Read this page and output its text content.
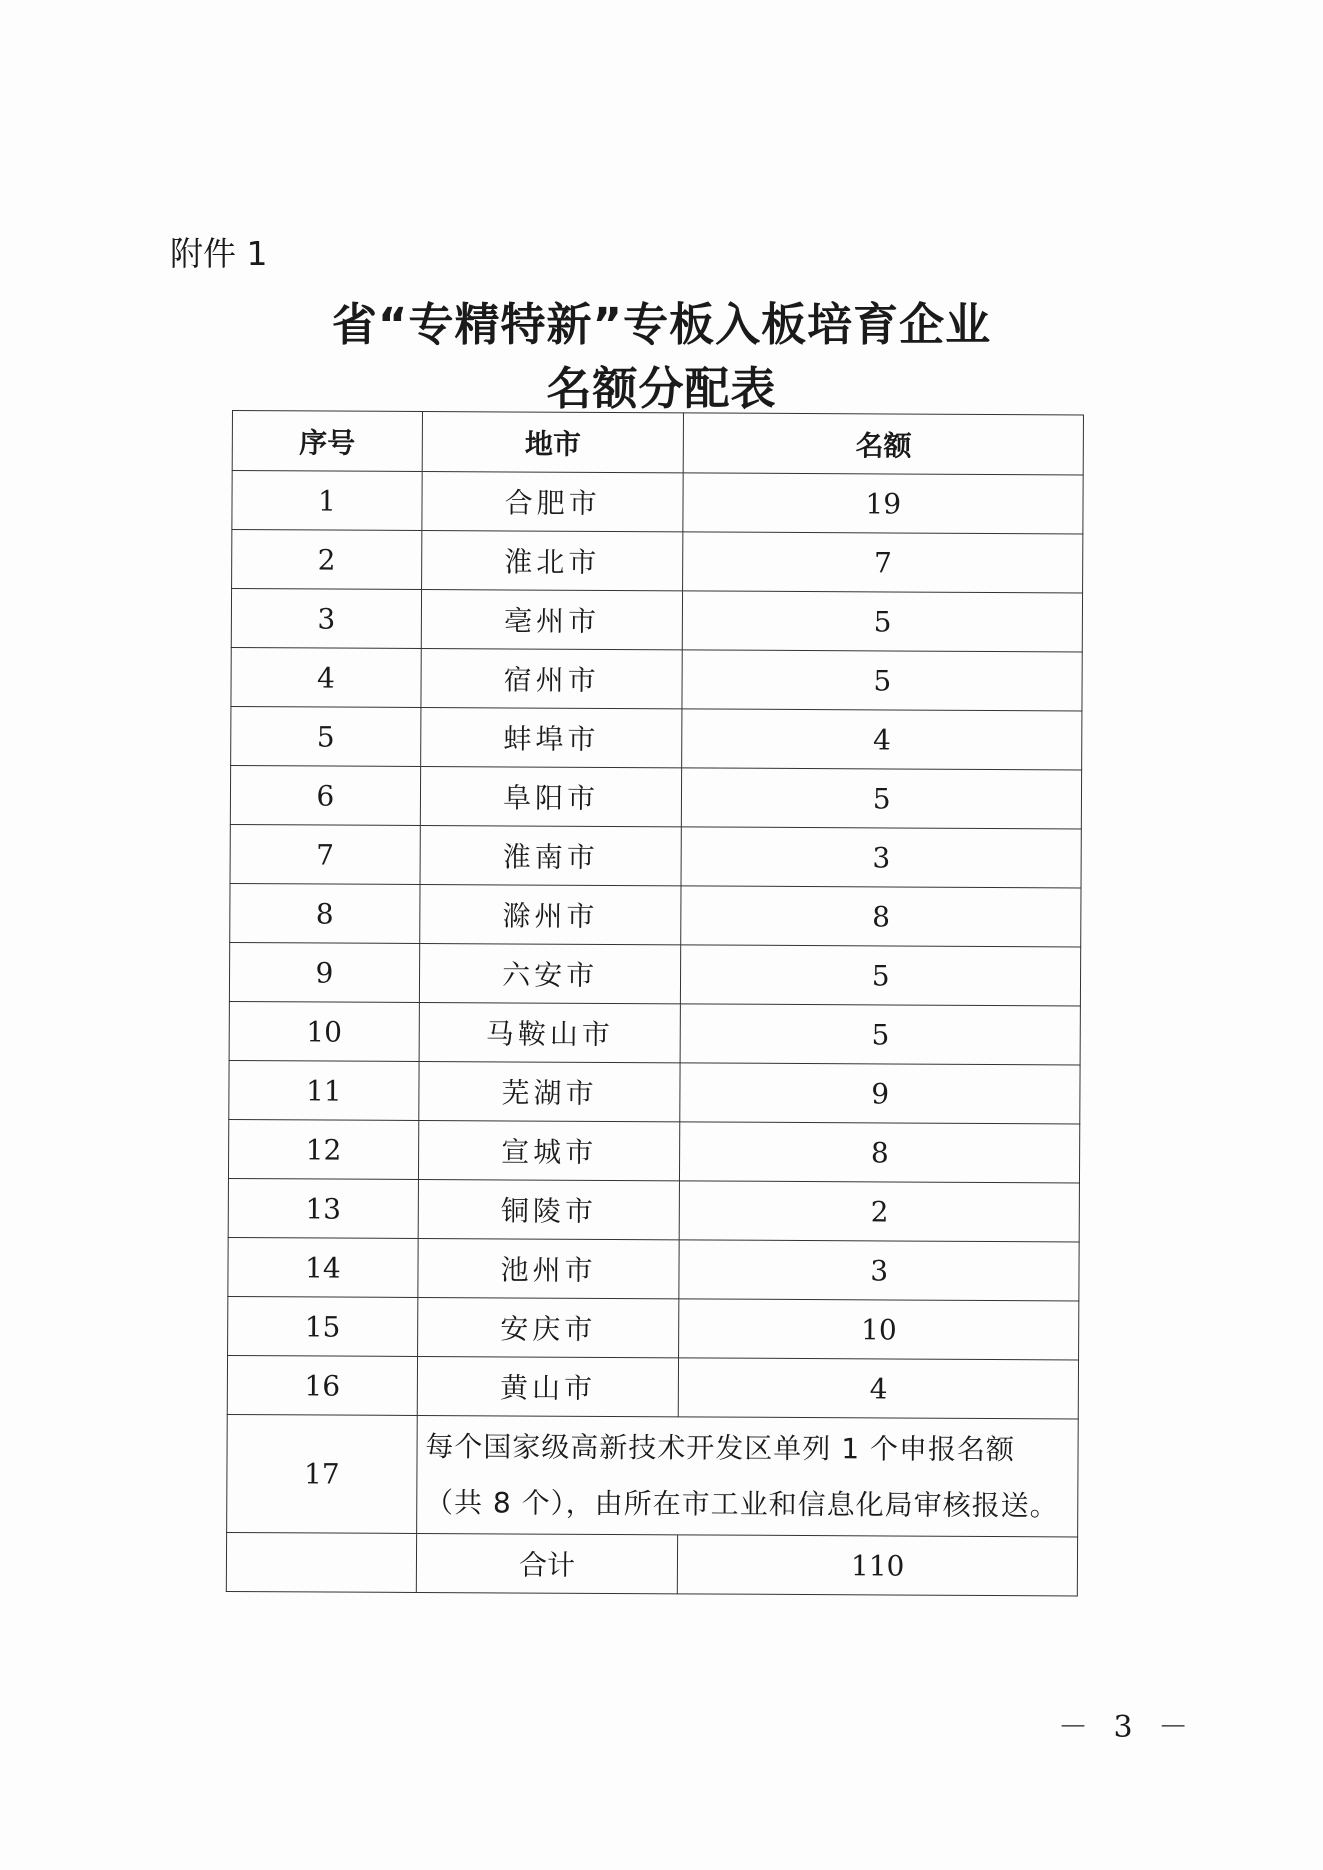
附件 1
省“专精特新”专板入板培育企业
名额分配表
序号	地市	名额
1	合肥市	19
2	淮北市	7
3	亳州市	5
4	宿州市	5
5	蚌埠市	4
6	阜阳市	5
7	淮南市	3
8	滁州市	8
9	六安市	5
10	马鞍山市	5
11	芜湖市	9
12	宣城市	8
13	铜陵市	2
14	池州市	3
15	安庆市	10
16	黄山市	4
17	每个国家级高新技术开发区单列 1 个申报名额（共 8 个），由所在市工业和信息化局审核报送。	
	合计	110
－ 3 －
